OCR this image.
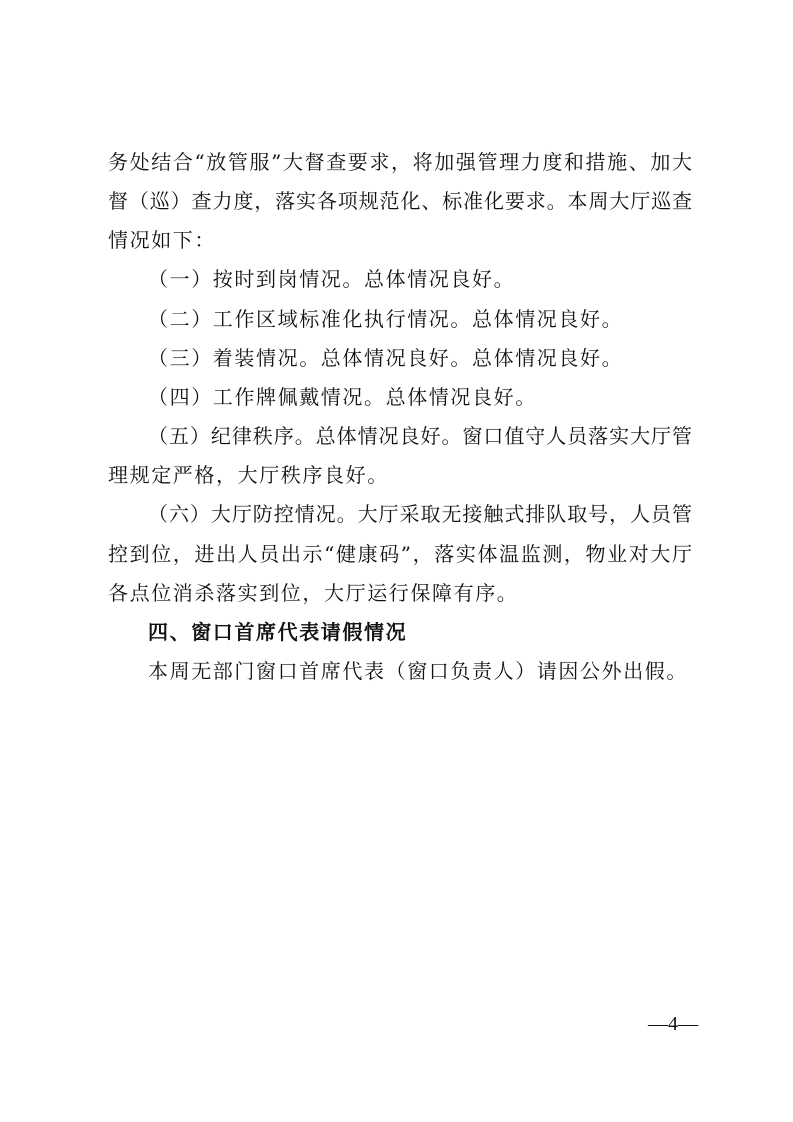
务处结合“放管服”大督查要求，将加强管理力度和措施、加大
督（巡）查力度，落实各项规范化、标准化要求。本周大厅巡查
情况如下：
（一）按时到岗情况。总体情况良好。
（二）工作区域标准化执行情况。总体情况良好。
（三）着装情况。总体情况良好。总体情况良好。
（四）工作牌佩戴情况。总体情况良好。
（五）纪律秩序。总体情况良好。窗口值守人员落实大厅管
理规定严格，大厅秩序良好。
（六）大厅防控情况。大厅采取无接触式排队取号，人员管
控到位，进出人员出示“健康码”，落实体温监测，物业对大厅
各点位消杀落实到位，大厅运行保障有序。
四、窗口首席代表请假情况
本周无部门窗口首席代表（窗口负责人）请因公外出假。
—4—
